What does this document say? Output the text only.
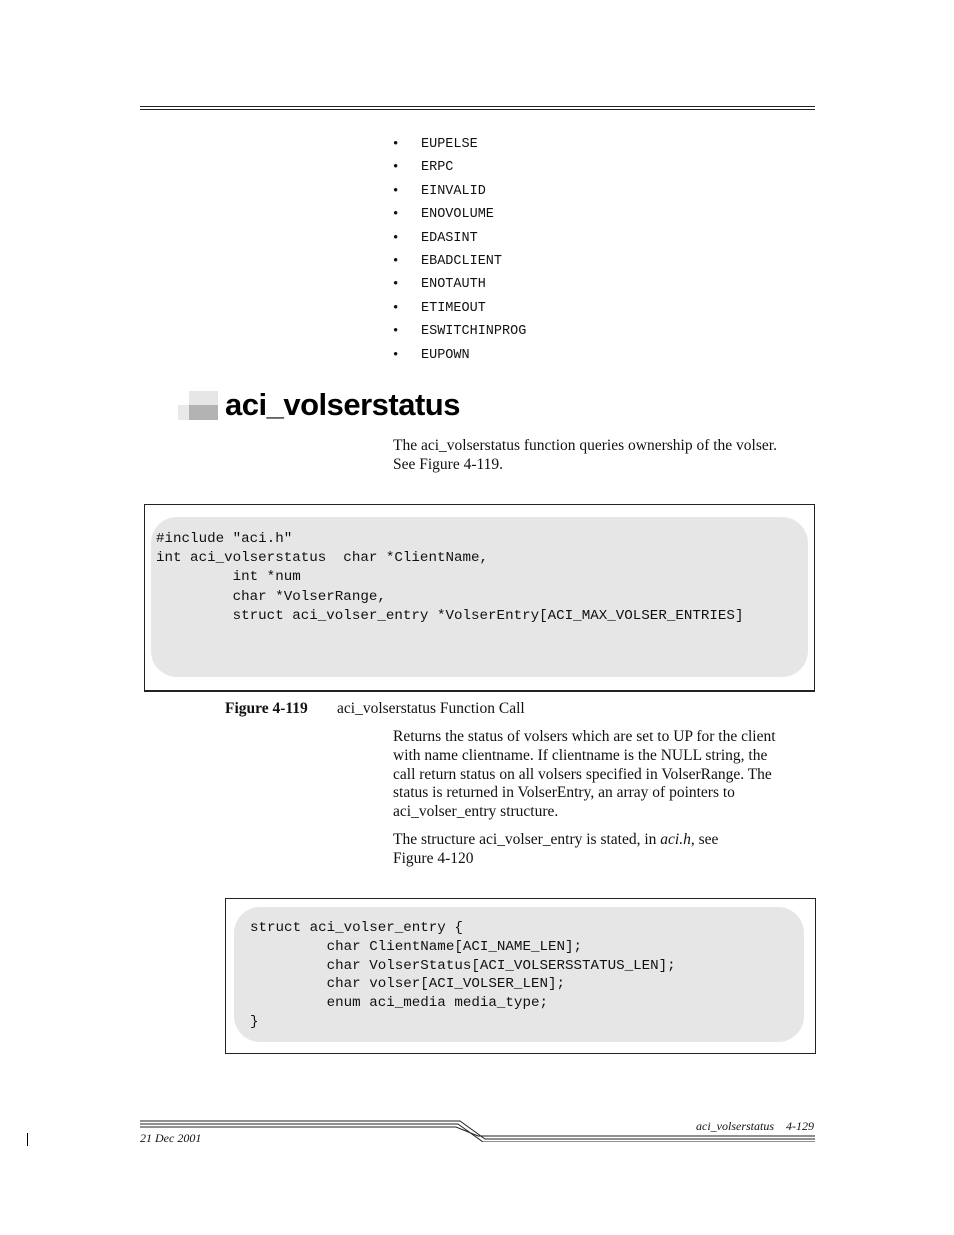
• EUPELSE
• ERPC
• EINVALID
• ENOVOLUME
• EDASINT
• EBADCLIENT
• ENOTAUTH
• ETIMEOUT
• ESWITCHINPROG
• EUPOWN
aci_volserstatus

The aci_volserstatus function queries ownership of the volser.
See Figure 4-119.

#include "aci.h"
int aci_volserstatus  char *ClientName,
int *num
char *VolserRange,
struct aci_volser_entry *VolserEntry[ACI_MAX_VOLSER_ENTRIES]
Figure 4-119 aci_volserstatus Function Call

Returns the status of volsers which are set to UP for the client
with name clientname. If clientname is the NULL string, the
call return status on all volsers specified in VolserRange. The
status is returned in VolserEntry, an array of pointers to
aci_volser_entry structure.

The structure aci_volser_entry is stated, in aci.h, see
Figure 4-120

struct aci_volser_entry {
char ClientName[ACI_NAME_LEN];
char VolserStatus[ACI_VOLSERSSTATUS_LEN];
char volser[ACI_VOLSER_LEN];
enum aci_media media_type;
}
21 Dec 2001
aci_volserstatus 4-129
